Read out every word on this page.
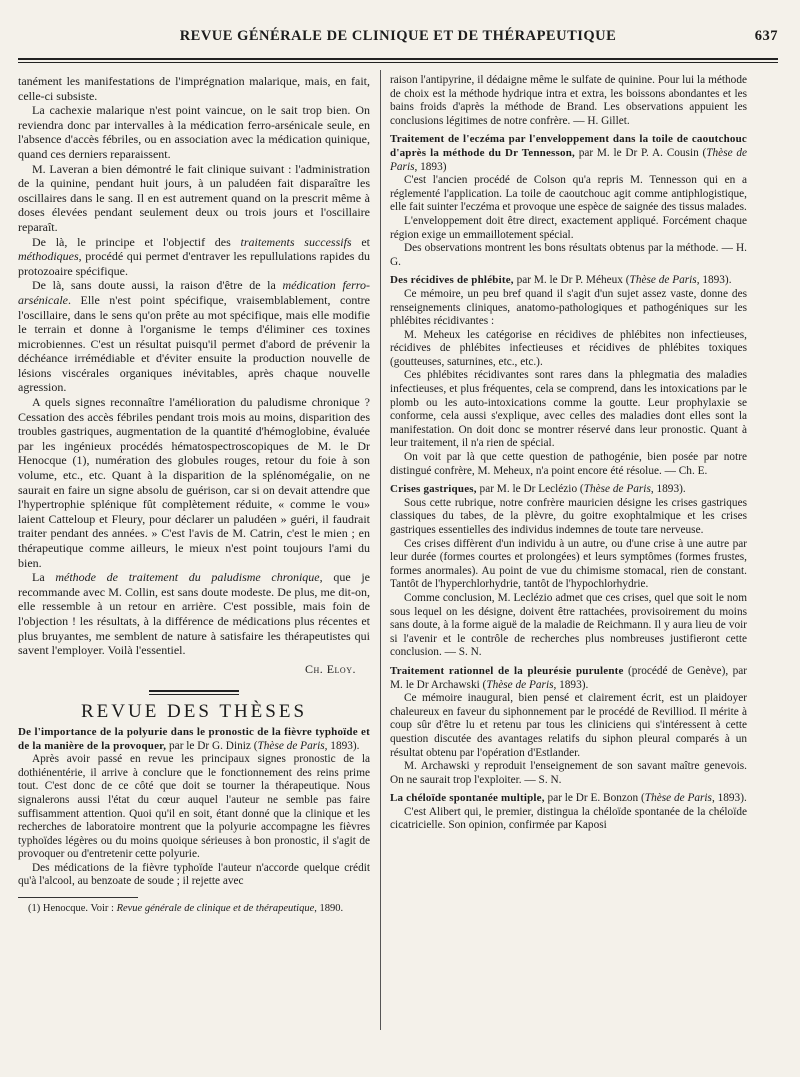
REVUE GÉNÉRALE DE CLINIQUE ET DE THÉRAPEUTIQUE	637

tanément les manifestations de l'imprégnation malarique, mais, en fait, celle-ci subsiste.

La cachexie malarique n'est point vaincue, on le sait trop bien. On reviendra donc par intervalles à la médication ferro-arsénicale seule, en l'absence d'accès fébriles, ou en association avec la médication quinique, quand ces derniers reparaissent.

M. Laveran a bien démontré le fait clinique suivant : l'administration de la quinine, pendant huit jours, à un paludéen fait disparaître les oscillaires dans le sang. Il en est autrement quand on la prescrit même à doses élevées pendant seulement deux ou trois jours et l'oscillaire reparaît.

De là, le principe et l'objectif des traitements successifs et méthodiques, procédé qui permet d'entraver les repullulations rapides du protozoaire spécifique.

De là, sans doute aussi, la raison d'être de la médication ferro-arsénicale. Elle n'est point spécifique, vraisemblablement, contre l'oscillaire, dans le sens qu'on prête au mot spécifique, mais elle modifie le terrain et donne à l'organisme le temps d'éliminer ces toxines microbiennes. C'est un résultat puisqu'il permet d'abord de prévenir la déchéance irrémédiable et d'éviter ensuite la production nouvelle de lésions viscérales organiques inévitables, après chaque nouvelle agression.

A quels signes reconnaître l'amélioration du paludisme chronique ? Cessation des accès fébriles pendant trois mois au moins, disparition des troubles gastriques, augmentation de la quantité d'hémoglobine, évaluée par les ingénieux procédés hématospectroscopiques de M. le Dr Henocque (1), numération des globules rouges, retour du foie à son volume, etc., etc. Quant à la disparition de la splénomégalie, on ne saurait en faire un signe absolu de guérison, car si on devait attendre que l'hypertrophie splénique fût complètement réduite, « comme le vou» laient Catteloup et Fleury, pour déclarer un paludéen » guéri, il faudrait traiter pendant des années. » C'est l'avis de M. Catrin, c'est le mien ; en thérapeutique comme ailleurs, le mieux n'est point toujours l'ami du bien.

La méthode de traitement du paludisme chronique, que je recommande avec M. Collin, est sans doute modeste. De plus, me dit-on, elle ressemble à un retour en arrière. C'est possible, mais foin de l'objection ! les résultats, à la différence de médications plus récentes et plus bruyantes, me semblent de nature à satisfaire les thérapeutistes qui savent l'employer. Voilà l'essentiel.

Ch. Eloy.
REVUE DES THÈSES

De l'importance de la polyurie dans le pronostic de la fièvre typhoïde et de la manière de la provoquer, par le Dr G. Diniz (Thèse de Paris, 1893).

Après avoir passé en revue les principaux signes pronostic de la dothiénentérie, il arrive à conclure que le fonctionnement des reins prime tout. C'est donc de ce côté que doit se tourner la thérapeutique. Nous signalerons aussi l'état du cœur auquel l'auteur ne semble pas faire suffisamment attention. Quoi qu'il en soit, étant donné que la clinique et les recherches de laboratoire montrent que la polyurie accompagne les fièvres typhoïdes légères ou du moins quoique sérieuses à bon pronostic, il s'agit de provoquer ou d'entretenir cette polyurie.

Des médications de la fièvre typhoïde l'auteur n'accorde quelque crédit qu'à l'alcool, au benzoate de soude ; il rejette avec

(1) Henocque. Voir : Revue générale de clinique et de thérapeutique, 1890.

raison l'antipyrine, il dédaigne même le sulfate de quinine. Pour lui la méthode de choix est la méthode hydrique intra et extra, les boissons abondantes et les bains froids d'après la méthode de Brand. Les observations appuient les conclusions légitimes de notre confrère. — H. Gillet.

Traitement de l'eczéma par l'enveloppement dans la toile de caoutchouc d'après la méthode du Dr Tennesson, par M. le Dr P. A. Cousin (Thèse de Paris, 1893)

C'est l'ancien procédé de Colson qu'a repris M. Tennesson qui en a réglementé l'application. La toile de caoutchouc agit comme antiphlogistique, elle fait suinter l'eczéma et provoque une espèce de saignée des tissus malades.

L'enveloppement doit être direct, exactement appliqué. Forcément chaque région exige un emmaillotement spécial.

Des observations montrent les bons résultats obtenus par la méthode. — H. G.

Des récidives de phlébite, par M. le Dr P. Méheux (Thèse de Paris, 1893).

Ce mémoire, un peu bref quand il s'agit d'un sujet assez vaste, donne des renseignements cliniques, anatomo-pathologiques et pathogéniques sur les phlébites récidivantes :

M. Meheux les catégorise en récidives de phlébites non infectieuses, récidives de phlébites infectieuses et récidives de phlébites toxiques (goutteuses, saturnines, etc., etc.).

Ces phlébites récidivantes sont rares dans la phlegmatia des maladies infectieuses, et plus fréquentes, cela se comprend, dans les intoxications par le plomb ou les auto-intoxications comme la goutte. Leur prophylaxie se conforme, cela aussi s'explique, avec celles des maladies dont elles sont la manifestation. On doit donc se montrer réservé dans leur pronostic. Quant à leur traitement, il n'a rien de spécial.

On voit par là que cette question de pathogénie, bien posée par notre distingué confrère, M. Meheux, n'a point encore été résolue. — Ch. E.

Crises gastriques, par M. le Dr Leclézio (Thèse de Paris, 1893).

Sous cette rubrique, notre confrère mauricien désigne les crises gastriques classiques du tabes, de la plèvre, du goitre exophtalmique et les crises gastriques essentielles des individus indemnes de toute tare nerveuse.

Ces crises diffèrent d'un individu à un autre, ou d'une crise à une autre par leur durée (formes courtes et prolongées) et leurs symptômes (formes frustes, formes anormales). Au point de vue du chimisme stomacal, rien de constant. Tantôt de l'hyperchlorhydrie, tantôt de l'hypochlorhydrie.

Comme conclusion, M. Leclézio admet que ces crises, quel que soit le nom sous lequel on les désigne, doivent être rattachées, provisoirement du moins sans doute, à la forme aiguë de la maladie de Reichmann. Il y aura lieu de voir si l'avenir et le contrôle de recherches plus nombreuses justifieront cette conclusion. — S. N.

Traitement rationnel de la pleurésie purulente (procédé de Genève), par M. le Dr Archawski (Thèse de Paris, 1893).

Ce mémoire inaugural, bien pensé et clairement écrit, est un plaidoyer chaleureux en faveur du siphonnement par le procédé de Revilliod. Il mérite à coup sûr d'être lu et retenu par tous les cliniciens qui s'intéressent à cette question discutée des avantages relatifs du siphon pleural comparés à un résultat obtenu par l'opération d'Estlander.

M. Archawski y reproduit l'enseignement de son savant maître genevois. On ne saurait trop l'exploiter. — S. N.

La chéloïde spontanée multiple, par le Dr E. Bonzon (Thèse de Paris, 1893).

C'est Alibert qui, le premier, distingua la chéloïde spontanée de la chéloïde cicatricielle. Son opinion, confirmée par Kaposi
